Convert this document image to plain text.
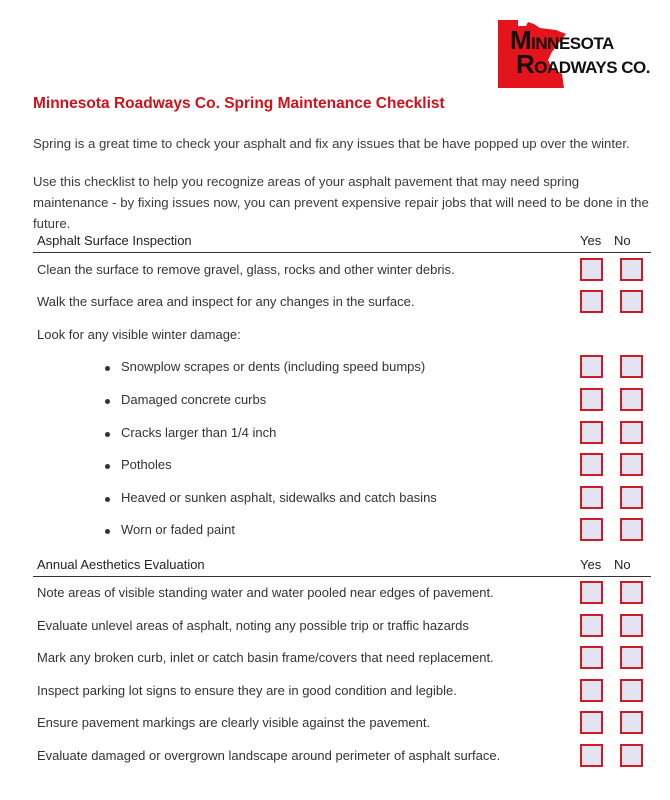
MINNESOTA
ROADWAYS CO.
Minnesota Roadways Co. Spring Maintenance Checklist
Spring is a great time to check your asphalt and fix any issues that be have popped up over the winter.
Use this checklist to help you recognize areas of your asphalt pavement that may need spring maintenance - by fixing issues now, you can prevent expensive repair jobs that will need to be done in the future.
Asphalt Surface Inspection	Yes No
Clean the surface to remove gravel, glass, rocks and other winter debris.
Walk the surface area and inspect for any changes in the surface.
Look for any visible winter damage:
Snowplow scrapes or dents (including speed bumps)
Damaged concrete curbs
Cracks larger than 1/4 inch
Potholes
Heaved or sunken asphalt, sidewalks and catch basins
Worn or faded paint
Annual Aesthetics Evaluation	Yes No
Note areas of visible standing water and water pooled near edges of pavement.
Evaluate unlevel areas of asphalt, noting any possible trip or traffic hazards
Mark any broken curb, inlet or catch basin frame/covers that need replacement.
Inspect parking lot signs to ensure they are in good condition and legible.
Ensure pavement markings are clearly visible against the pavement.
Evaluate damaged or overgrown landscape around perimeter of asphalt surface.
